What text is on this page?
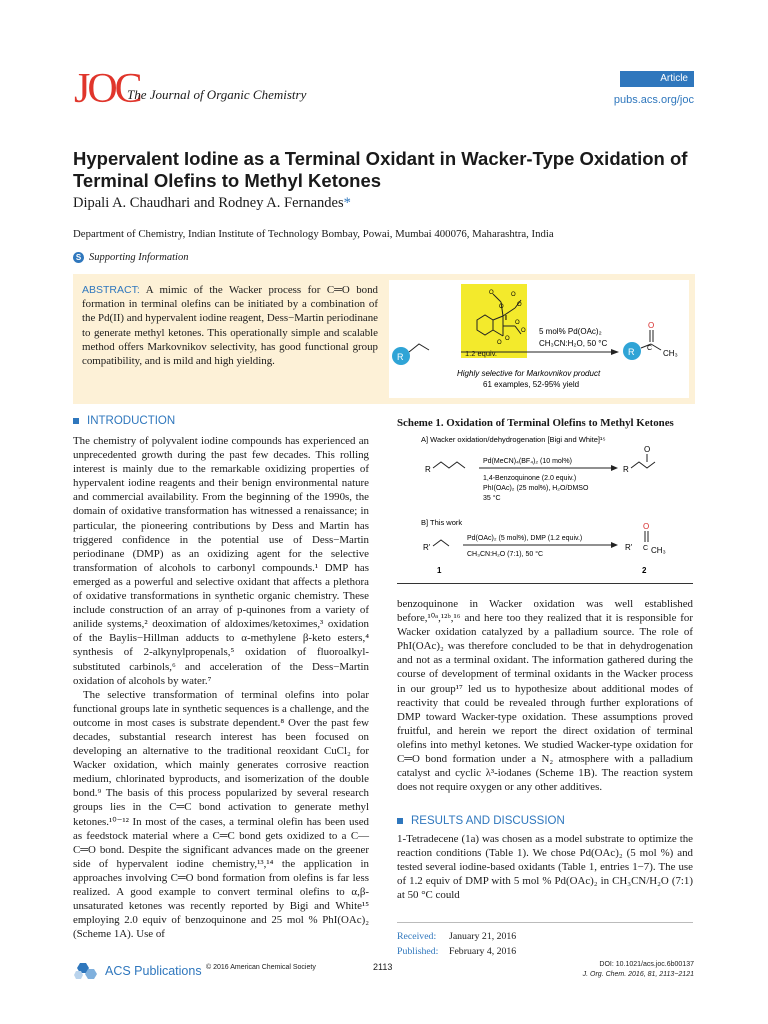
JOC
The Journal of Organic Chemistry
Article
pubs.acs.org/joc
Hypervalent Iodine as a Terminal Oxidant in Wacker-Type Oxidation of Terminal Olefins to Methyl Ketones
Dipali A. Chaudhari and Rodney A. Fernandes*
Department of Chemistry, Indian Institute of Technology Bombay, Powai, Mumbai 400076, Maharashtra, India
S Supporting Information
ABSTRACT: A mimic of the Wacker process for C═O bond formation in terminal olefins can be initiated by a combination of the Pd(II) and hypervalent iodine reagent, Dess−Martin periodinane to generate methyl ketones. This operationally simple and scalable method offers Markovnikov selectivity, has good functional group compatibility, and is mild and high yielding.
O
O O
I
O
O
O
O
O
1.2 equiv.
5 mol% Pd(OAc)₂
CH₃CN:H₂O, 50 °C
R	R
O
C
CH₃
Highly selective for Markovnikov product
61 examples, 52-95% yield
INTRODUCTION

The chemistry of polyvalent iodine compounds has experienced an unprecedented growth during the past few decades. This rolling interest is mainly due to the remarkable oxidizing properties of hypervalent iodine reagents and their benign environmental nature and commercial availability. From the beginning of the 1990s, the domain of oxidative transformation has witnessed a renaissance; in particular, the pioneering contributions by Dess and Martin has triggered confidence in the potential use of Dess−Martin periodinane (DMP) as an oxidizing agent for the selective transformation of alcohols to carbonyl compounds.¹ DMP has emerged as a powerful and selective oxidant that affects a plethora of oxidative transformations in synthetic organic chemistry. These include construction of an array of p-quinones from a variety of anilide systems,² deoximation of aldoximes/ketoximes,³ oxidation of the Baylis−Hillman adducts to α-methylene β-keto esters,⁴ synthesis of 2-alkynylpropenals,⁵ oxidation of fluoroalkyl-substituted carbinols,⁶ and acceleration of the Dess−Martin oxidation of alcohols by water.⁷

The selective transformation of terminal olefins into polar functional groups late in synthetic sequences is a challenge, and the outcome in most cases is substrate dependent.⁸ Over the past few decades, substantial research interest has been focused on developing an alternative to the traditional reoxidant CuCl₂ for Wacker oxidation, which mainly generates corrosive reaction medium, chlorinated byproducts, and isomerization of the double bond.⁹ The basis of this process popularized by several research groups lies in the C═C bond activation to generate methyl ketones.¹⁰⁻¹² In most of the cases, a terminal olefin has been used as feedstock material where a C═C bond gets oxidized to a C—C═O bond. Despite the significant advances made on the greener side of hypervalent iodine chemistry,¹³,¹⁴ the application in approaches involving C═O bond formation from olefins is far less realized. A good example to convert terminal olefins to α,β-unsaturated ketones was recently reported by Bigi and White¹⁵ employing 2.0 equiv of benzoquinone and 25 mol % PhI(OAc)₂ (Scheme 1A). Use of

Scheme 1. Oxidation of Terminal Olefins to Methyl Ketones
A] Wacker oxidation/dehydrogenation [Bigi and White]¹⁵
R
Pd(MeCN)₄(BF₄)₂ (10 mol%)
1,4-Benzoquinone (2.0 equiv.)
PhI(OAc)₂ (25 mol%), H₂O/DMSO
35 °C
R
O
B] This work
R'
Pd(OAc)₂ (5 mol%), DMP (1.2 equiv.)
CH₃CN:H₂O (7:1), 50 °C
R'
O
C CH₃
1	2

benzoquinone in Wacker oxidation was well established before,¹⁰ᵃ,¹²ᵇ,¹⁶ and here too they realized that it is responsible for Wacker oxidation catalyzed by a palladium source. The role of PhI(OAc)₂ was therefore concluded to be that in dehydrogenation and not as a terminal oxidant. The information gathered during the course of development of terminal oxidants in the Wacker process in our group¹⁷ led us to hypothesize about additional modes of reactivity that could be revealed through further explorations of DMP toward Wacker-type oxidation. These assumptions proved fruitful, and herein we report the direct oxidation of terminal olefins into methyl ketones. We studied Wacker-type oxidation for C═O bond formation under a N₂ atmosphere with a palladium catalyst and cyclic λ³-iodanes (Scheme 1B). The reaction system does not require oxygen or any other additives.

RESULTS AND DISCUSSION

1-Tetradecene (1a) was chosen as a model substrate to optimize the reaction conditions (Table 1). We chose Pd(OAc)₂ (5 mol %) and tested several iodine-based oxidants (Table 1, entries 1−7). The use of 1.2 equiv of DMP with 5 mol % Pd(OAc)₂ in CH₃CN/H₂O (7:1) at 50 °C could

Received: January 21, 2016
Published: February 4, 2016
ACS Publications © 2016 American Chemical Society	2113	DOI: 10.1021/acs.joc.6b00137
J. Org. Chem. 2016, 81, 2113−2121
